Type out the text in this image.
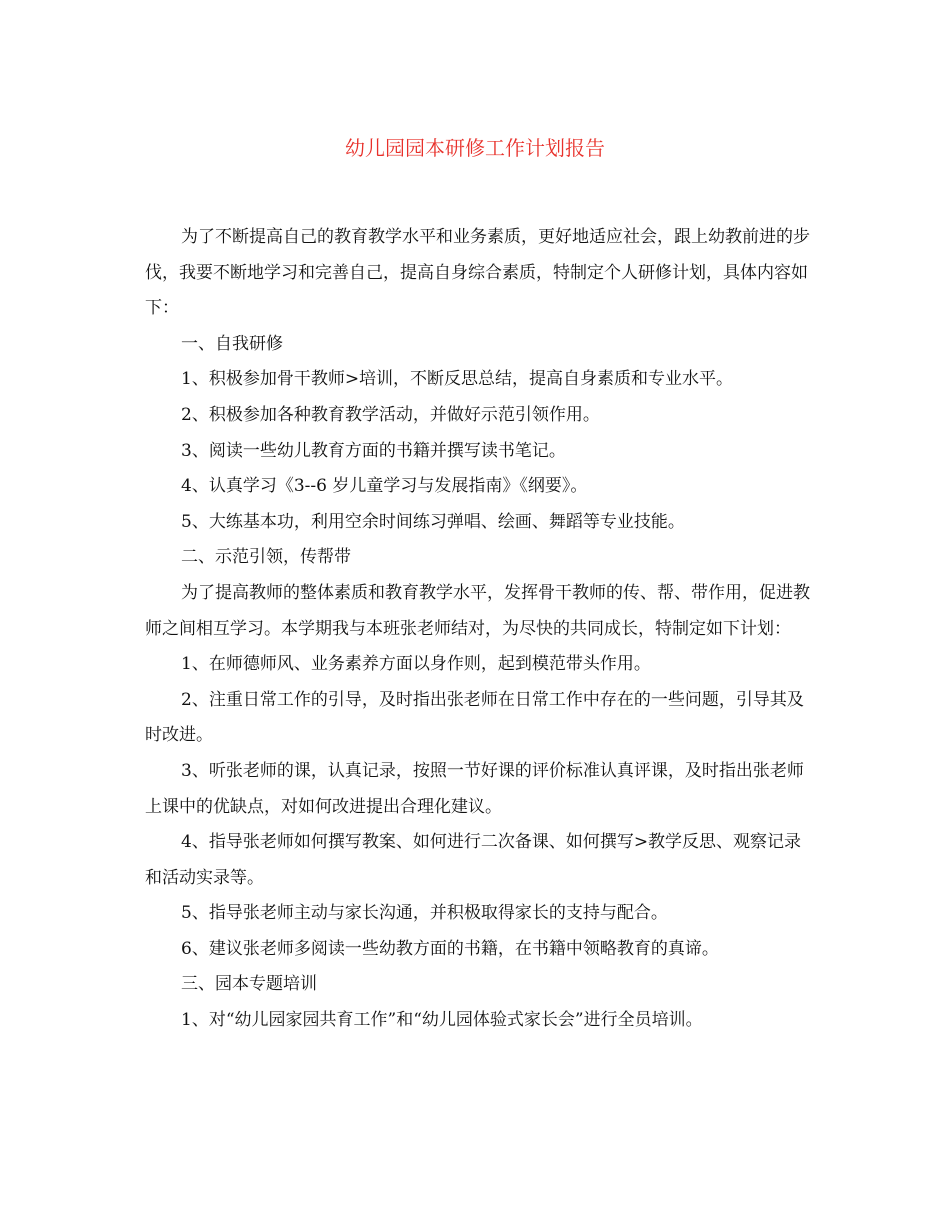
幼儿园园本研修工作计划报告

为了不断提高自己的教育教学水平和业务素质，更好地适应社会，跟上幼教前进的步伐，我要不断地学习和完善自己，提高自身综合素质，特制定个人研修计划，具体内容如下：

一、自我研修

1、积极参加骨干教师>培训，不断反思总结，提高自身素质和专业水平。

2、积极参加各种教育教学活动，并做好示范引领作用。

3、阅读一些幼儿教育方面的书籍并撰写读书笔记。

4、认真学习《3--6 岁儿童学习与发展指南》《纲要》。

5、大练基本功，利用空余时间练习弹唱、绘画、舞蹈等专业技能。

二、示范引领，传帮带

为了提高教师的整体素质和教育教学水平，发挥骨干教师的传、帮、带作用，促进教师之间相互学习。本学期我与本班张老师结对，为尽快的共同成长，特制定如下计划：

1、在师德师风、业务素养方面以身作则，起到模范带头作用。

2、注重日常工作的引导，及时指出张老师在日常工作中存在的一些问题，引导其及时改进。

3、听张老师的课，认真记录，按照一节好课的评价标准认真评课，及时指出张老师上课中的优缺点，对如何改进提出合理化建议。

4、指导张老师如何撰写教案、如何进行二次备课、如何撰写>教学反思、观察记录和活动实录等。

5、指导张老师主动与家长沟通，并积极取得家长的支持与配合。

6、建议张老师多阅读一些幼教方面的书籍，在书籍中领略教育的真谛。

三、园本专题培训

1、对“幼儿园家园共育工作”和“幼儿园体验式家长会”进行全员培训。
